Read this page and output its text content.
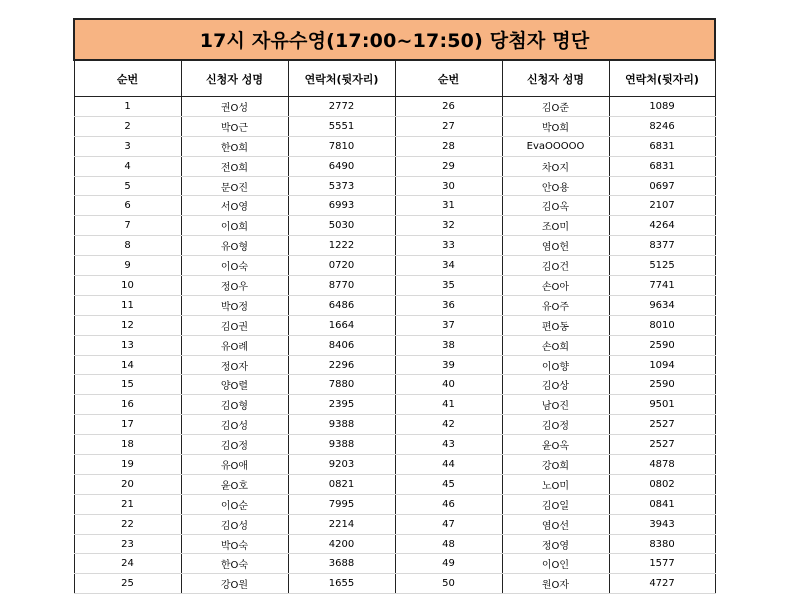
17시 자유수영(17:00~17:50) 당첨자 명단					
순번	신청자 성명	연락처(뒷자리)	순번	신청자 성명	연락처(뒷자리)
1	권O성	2772	26	김O준	1089
2	박O근	5551	27	박O희	8246
3	한O희	7810	28	EvaOOOOO	6831
4	전O희	6490	29	차O지	6831
5	문O진	5373	30	안O용	0697
6	서O영	6993	31	김O옥	2107
7	이O희	5030	32	조O미	4264
8	유O형	1222	33	염O헌	8377
9	이O숙	0720	34	김O건	5125
10	정O우	8770	35	손O아	7741
11	박O정	6486	36	유O주	9634
12	김O권	1664	37	편O동	8010
13	유O례	8406	38	손O희	2590
14	정O자	2296	39	이O향	1094
15	양O렬	7880	40	김O상	2590
16	김O형	2395	41	남O진	9501
17	김O성	9388	42	김O정	2527
18	김O정	9388	43	윤O옥	2527
19	유O애	9203	44	강O희	4878
20	윤O호	0821	45	노O미	0802
21	이O순	7995	46	김O일	0841
22	김O성	2214	47	염O선	3943
23	박O숙	4200	48	정O영	8380
24	한O숙	3688	49	이O인	1577
25	강O원	1655	50	원O자	4727
